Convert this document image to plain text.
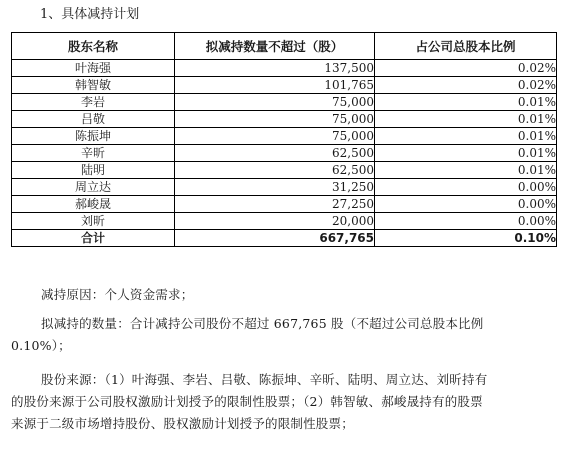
1、具体减持计划
股东名称	拟减持数量不超过（股）	占公司总股本比例
叶海强	137,500	0.02%
韩智敏	101,765	0.02%
李岩	75,000	0.01%
吕敬	75,000	0.01%
陈振坤	75,000	0.01%
辛昕	62,500	0.01%
陆明	62,500	0.01%
周立达	31,250	0.00%
郝峻晟	27,250	0.00%
刘昕	20,000	0.00%
合计	667,765	0.10%
减持原因：个人资金需求；
拟减持的数量：合计减持公司股份不超过 667,765 股（不超过公司总股本比例
0.10%）；
股份来源：（1）叶海强、李岩、吕敬、陈振坤、辛昕、陆明、周立达、刘昕持有
的股份来源于公司股权激励计划授予的限制性股票；（2）韩智敏、郝峻晟持有的股票
来源于二级市场增持股份、股权激励计划授予的限制性股票；
